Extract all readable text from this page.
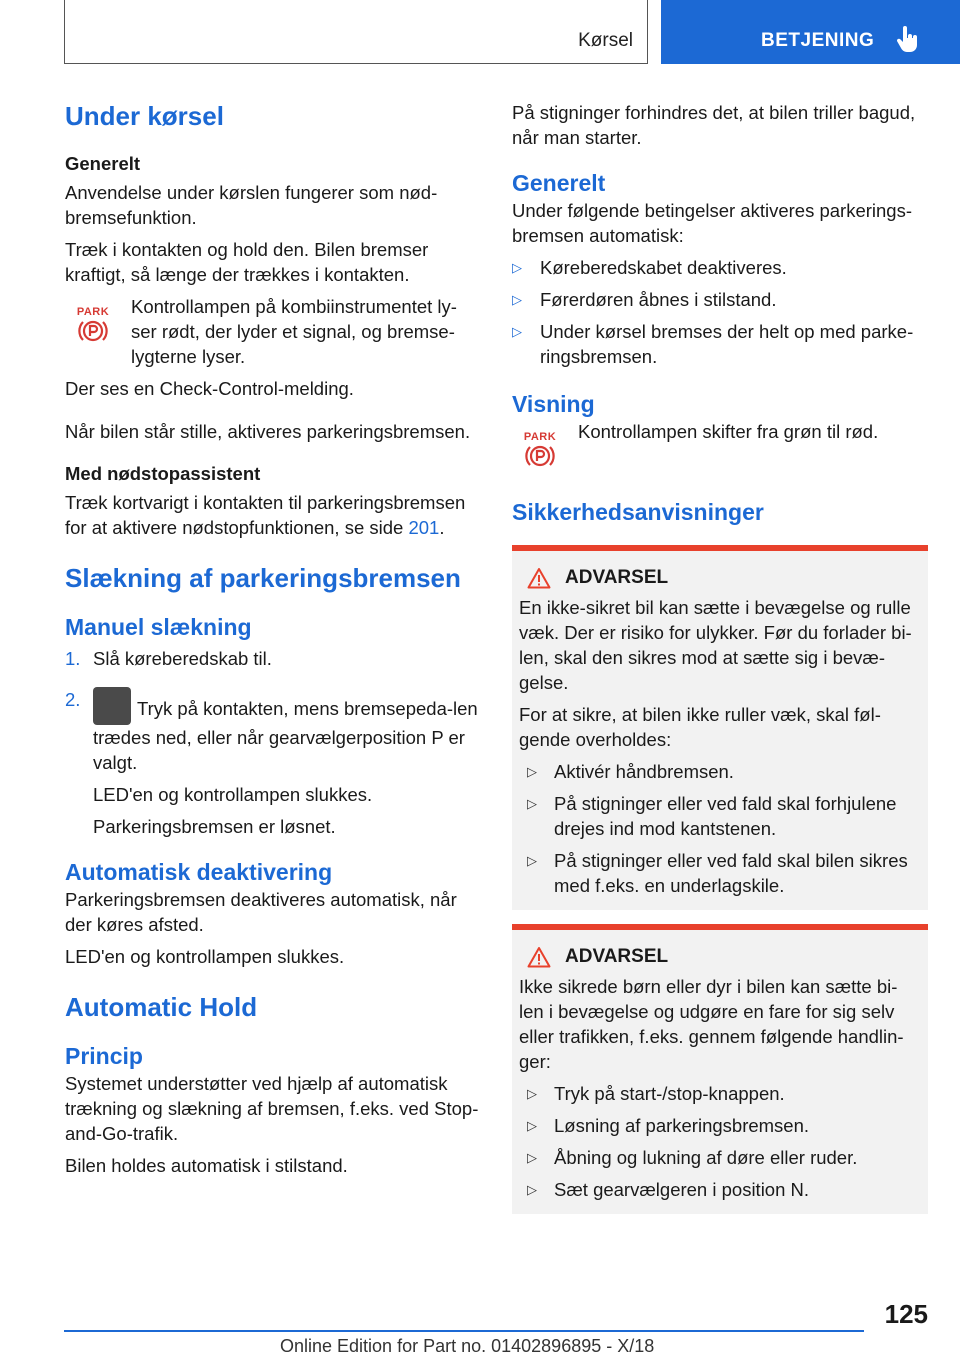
Kørsel	BETJENING
Under kørsel
Generelt

Anvendelse under kørslen fungerer som nød-bremsefunktion.

Træk i kontakten og hold den. Bilen bremser kraftigt, så længe der trækkes i kontakten.

PARK Kontrollampen på kombiinstrumentet ly-ser rødt, der lyder et signal, og bremse-lygterne lyser.

Der ses en Check-Control-melding.

Når bilen står stille, aktiveres parkeringsbremsen.

Med nødstopassistent

Træk kortvarigt i kontakten til parkeringsbremsen for at aktivere nødstopfunktionen, se side 201.

Slækning af parkeringsbremsen
Manuel slækning
1. Slå køreberedskab til.
2.	Tryk på kontakten, mens bremsepeda-len trædes ned, eller når gearvælgerposition P er valgt.
LED'en og kontrollampen slukkes.
Parkeringsbremsen er løsnet.
Automatisk deaktivering

Parkeringsbremsen deaktiveres automatisk, når der køres afsted.

LED'en og kontrollampen slukkes.

Automatic Hold
Princip

Systemet understøtter ved hjælp af automatisk trækning og slækning af bremsen, f.eks. ved Stop-and-Go-trafik.

Bilen holdes automatisk i stilstand.

På stigninger forhindres det, at bilen triller bagud, når man starter.

Generelt

Under følgende betingelser aktiveres parkerings-bremsen automatisk:

▷ Køreberedskabet deaktiveres.
▷ Førerdøren åbnes i stilstand.
▷ Under kørsel bremses der helt op med parke-ringsbremsen.
Visning
PARK Kontrollampen skifter fra grøn til rød.

Sikkerhedsanvisninger
ADVARSEL

En ikke-sikret bil kan sætte i bevægelse og rulle væk. Der er risiko for ulykker. Før du forlader bi-len, skal den sikres mod at sætte sig i bevæ-gelse.

For at sikre, at bilen ikke ruller væk, skal føl-gende overholdes:

▷ Aktivér håndbremsen.
▷ På stigninger eller ved fald skal forhjulene drejes ind mod kantstenen.
▷ På stigninger eller ved fald skal bilen sikres med f.eks. en underlagskile.
ADVARSEL

Ikke sikrede børn eller dyr i bilen kan sætte bi-len i bevægelse og udgøre en fare for sig selv eller trafikken, f.eks. gennem følgende handlin-ger:

▷ Tryk på start-/stop-knappen.
▷ Løsning af parkeringsbremsen.
▷ Åbning og lukning af døre eller ruder.
▷ Sæt gearvælgeren i position N.
125
Online Edition for Part no. 01402896895 - X/18
